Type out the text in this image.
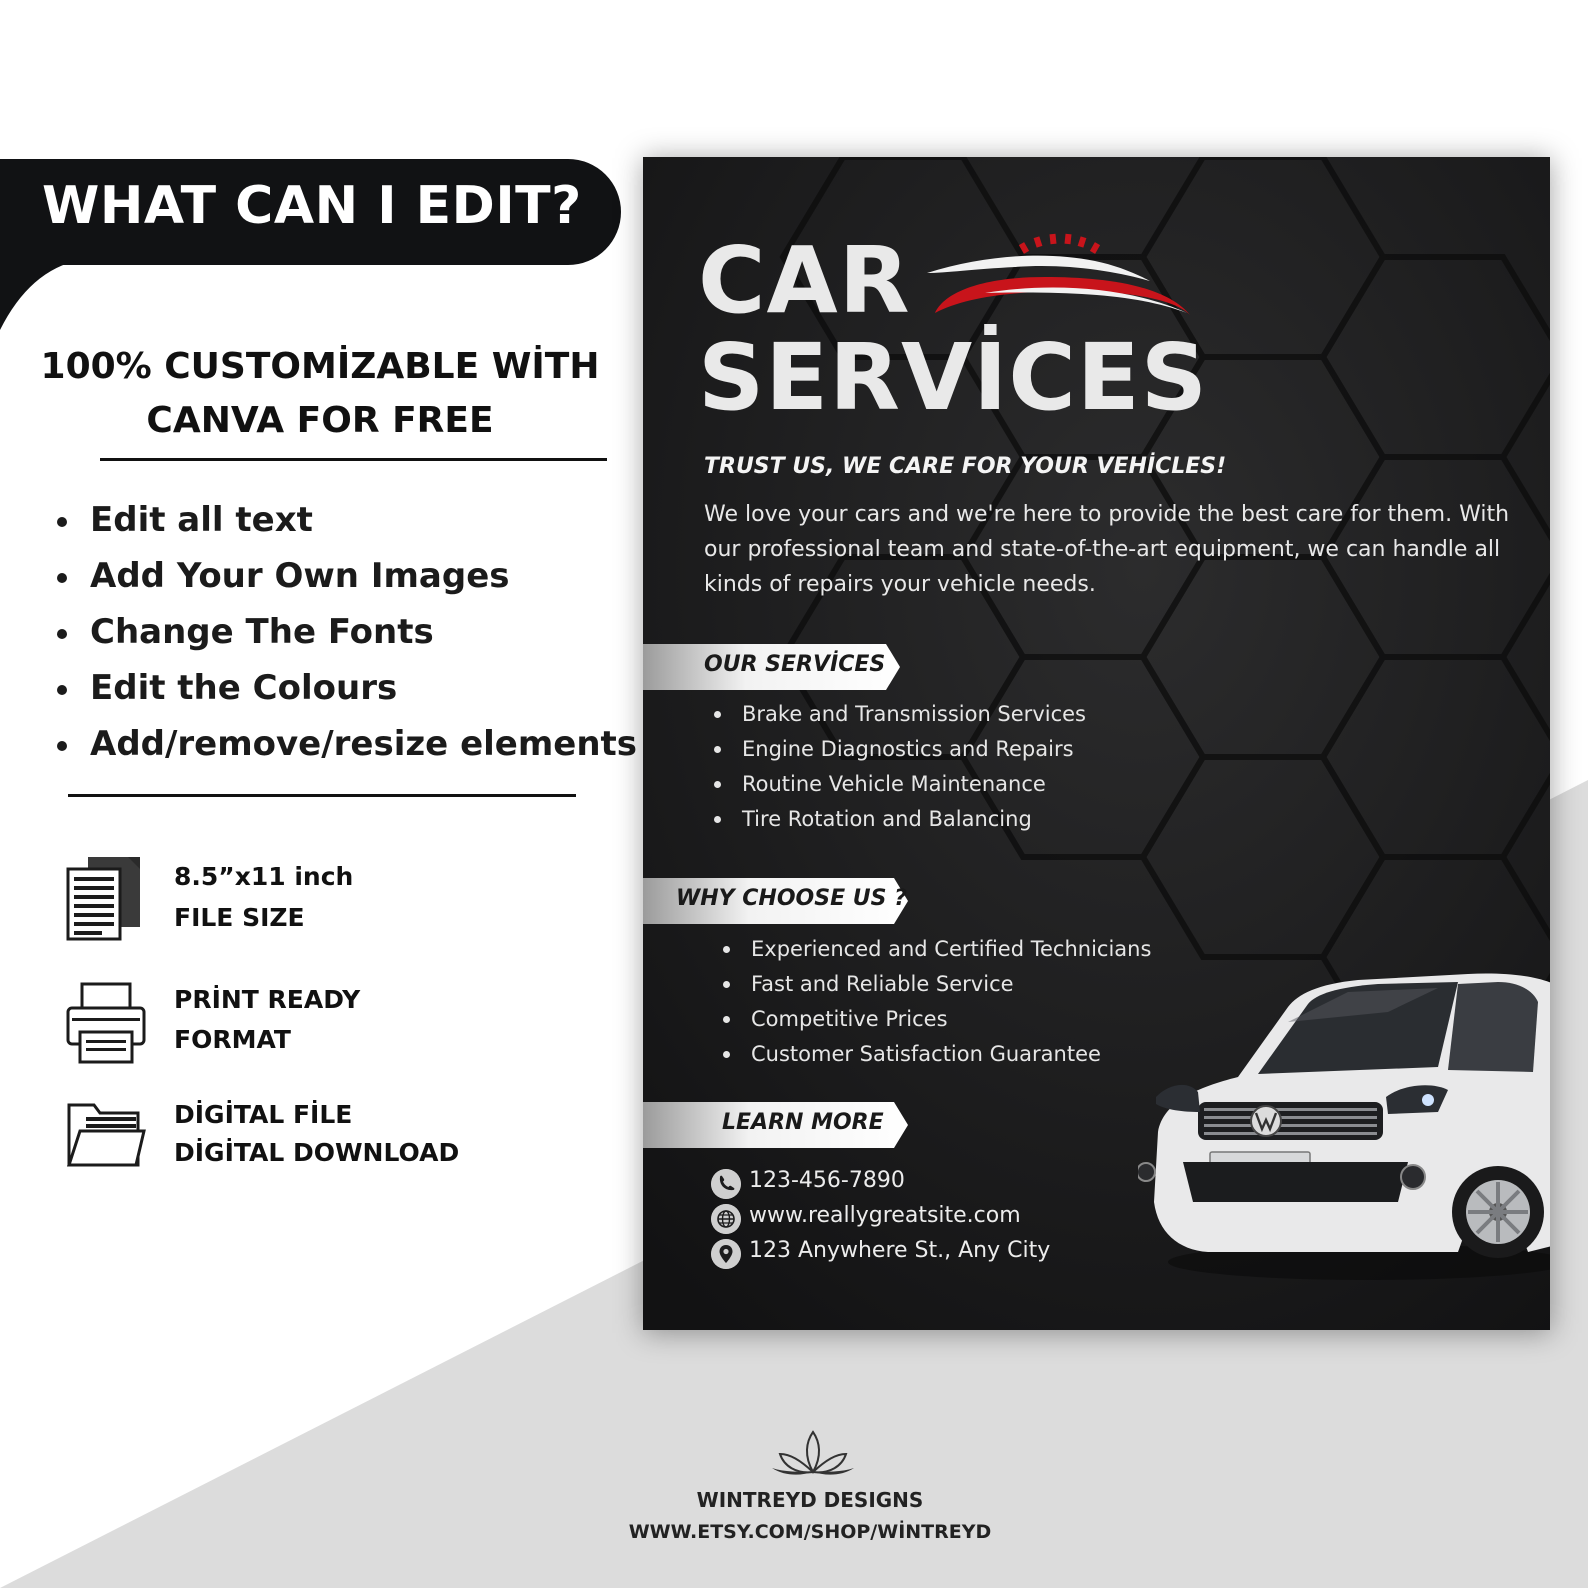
WHAT CAN I EDIT?
100% CUSTOMİZABLE WİTH
CANVA FOR FREE
Edit all text
Add Your Own Images
Change The Fonts
Edit the Colours
Add/remove/resize elements
8.5”x11 inch
FILE SIZE
PRİNT READY
FORMAT
DİGİTAL FİLE
DİGİTAL DOWNLOAD
CAR
SERVİCES
TRUST US, WE CARE FOR YOUR VEHİCLES!
We love your cars and we're here to provide the best care for them. With our professional team and state-of-the-art equipment, we can handle all kinds of repairs your vehicle needs.
OUR SERVİCES
Brake and Transmission Services
Engine Diagnostics and Repairs
Routine Vehicle Maintenance
Tire Rotation and Balancing
WHY CHOOSE US ?
Experienced and Certified Technicians
Fast and Reliable Service
Competitive Prices
Customer Satisfaction Guarantee
LEARN MORE
123-456-7890
www.reallygreatsite.com
123 Anywhere St., Any City
WINTREYD DESIGNS
WWW.ETSY.COM/SHOP/WİNTREYD
